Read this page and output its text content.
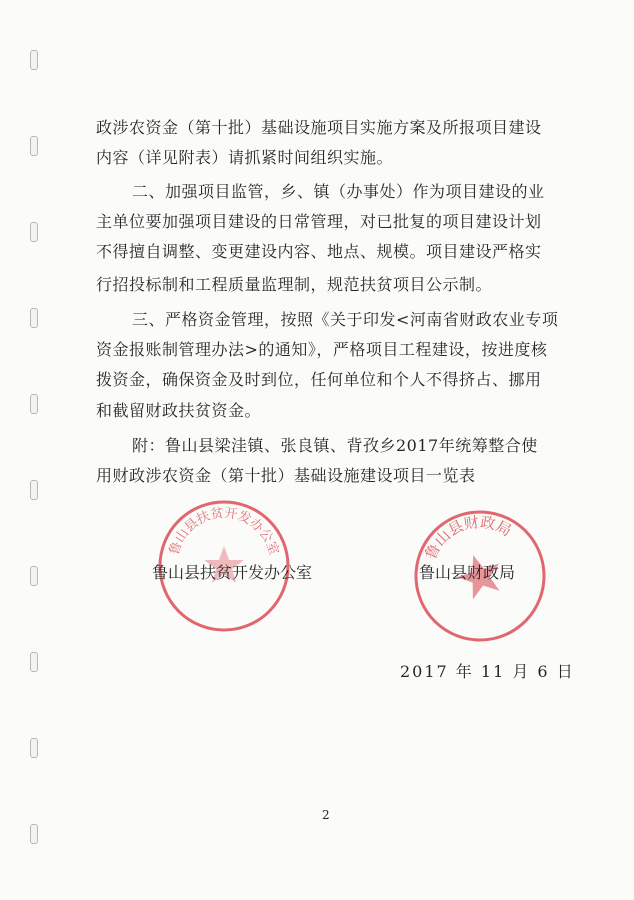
政涉农资金（第十批）基础设施项目实施方案及所报项目建设
内容（详见附表）请抓紧时间组织实施。
二、加强项目监管，乡、镇（办事处）作为项目建设的业
主单位要加强项目建设的日常管理，对已批复的项目建设计划
不得擅自调整、变更建设内容、地点、规模。项目建设严格实
行招投标制和工程质量监理制，规范扶贫项目公示制。
三、严格资金管理，按照《关于印发<河南省财政农业专项
资金报账制管理办法>的通知》，严格项目工程建设，按进度核
拨资金，确保资金及时到位，任何单位和个人不得挤占、挪用
和截留财政扶贫资金。
附：鲁山县梁洼镇、张良镇、背孜乡2017年统筹整合使
用财政涉农资金（第十批）基础设施建设项目一览表
鲁山县扶贫开发办公室	鲁山县财政局
鲁山县扶贫开发办公室	鲁山县财政局
2017 年 11 月 6 日
2
